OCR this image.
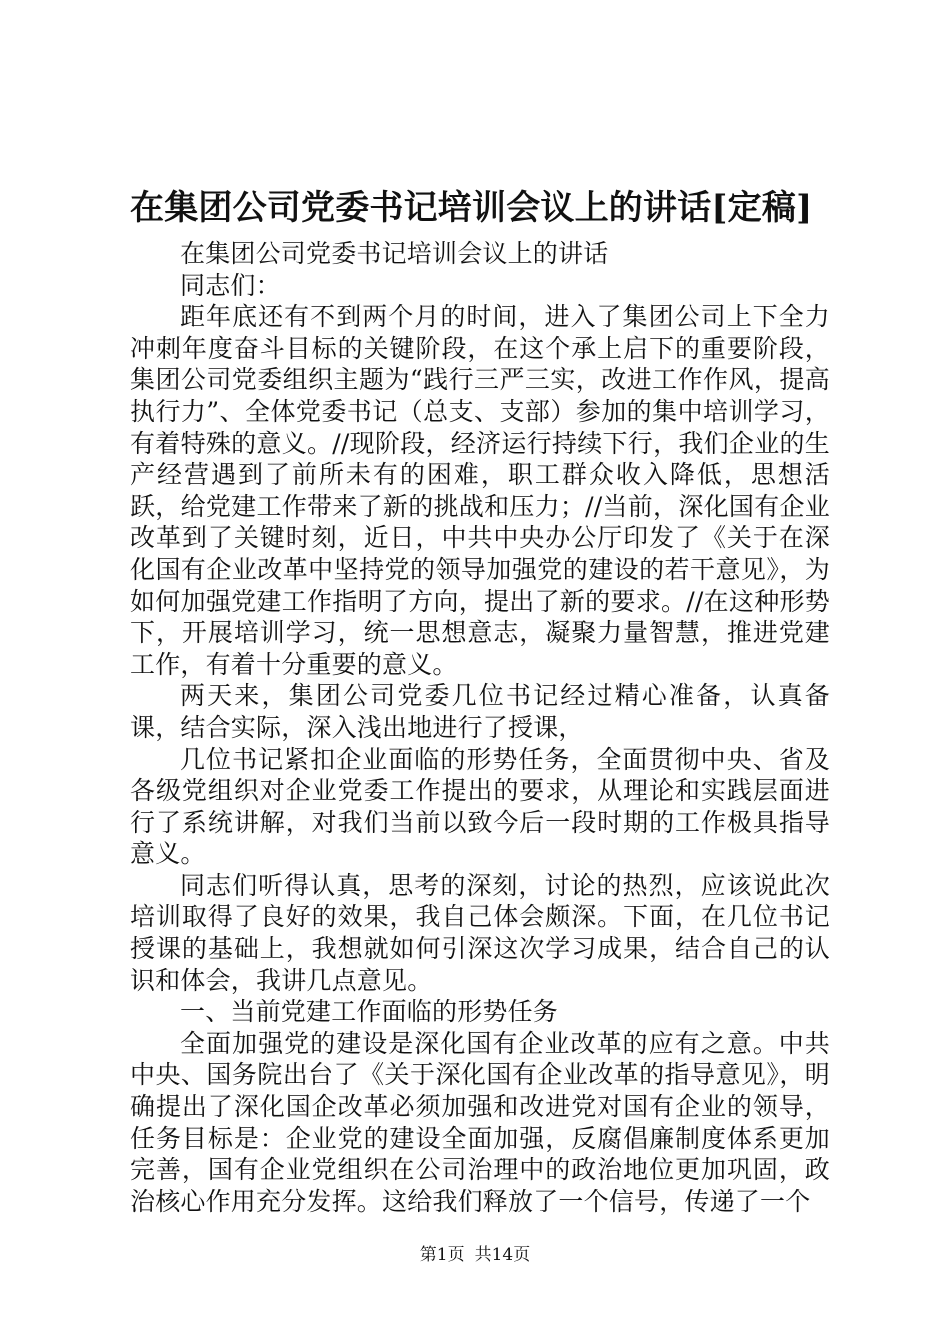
在集团公司党委书记培训会议上的讲话[定稿]

在集团公司党委书记培训会议上的讲话

同志们：

距年底还有不到两个月的时间，进入了集团公司上下全力冲刺年度奋斗目标的关键阶段，在这个承上启下的重要阶段，集团公司党委组织主题为“践行三严三实，改进工作作风，提高执行力”、全体党委书记（总支、支部）参加的集中培训学习，有着特殊的意义。//现阶段，经济运行持续下行，我们企业的生产经营遇到了前所未有的困难，职工群众收入降低，思想活跃，给党建工作带来了新的挑战和压力；//当前，深化国有企业改革到了关键时刻，近日，中共中央办公厅印发了《关于在深化国有企业改革中坚持党的领导加强党的建设的若干意见》，为如何加强党建工作指明了方向，提出了新的要求。//在这种形势下，开展培训学习，统一思想意志，凝聚力量智慧，推进党建工作，有着十分重要的意义。

两天来，集团公司党委几位书记经过精心准备，认真备课，结合实际，深入浅出地进行了授课，

几位书记紧扣企业面临的形势任务，全面贯彻中央、省及各级党组织对企业党委工作提出的要求，从理论和实践层面进行了系统讲解，对我们当前以致今后一段时期的工作极具指导意义。

同志们听得认真，思考的深刻，讨论的热烈，应该说此次培训取得了良好的效果，我自己体会颇深。下面，在几位书记授课的基础上，我想就如何引深这次学习成果，结合自己的认识和体会，我讲几点意见。

一、当前党建工作面临的形势任务

全面加强党的建设是深化国有企业改革的应有之意。中共中央、国务院出台了《关于深化国有企业改革的指导意见》，明确提出了深化国企改革必须加强和改进党对国有企业的领导，任务目标是：企业党的建设全面加强，反腐倡廉制度体系更加完善，国有企业党组织在公司治理中的政治地位更加巩固，政治核心作用充分发挥。这给我们释放了一个信号，传递了一个

第1页 共14页
